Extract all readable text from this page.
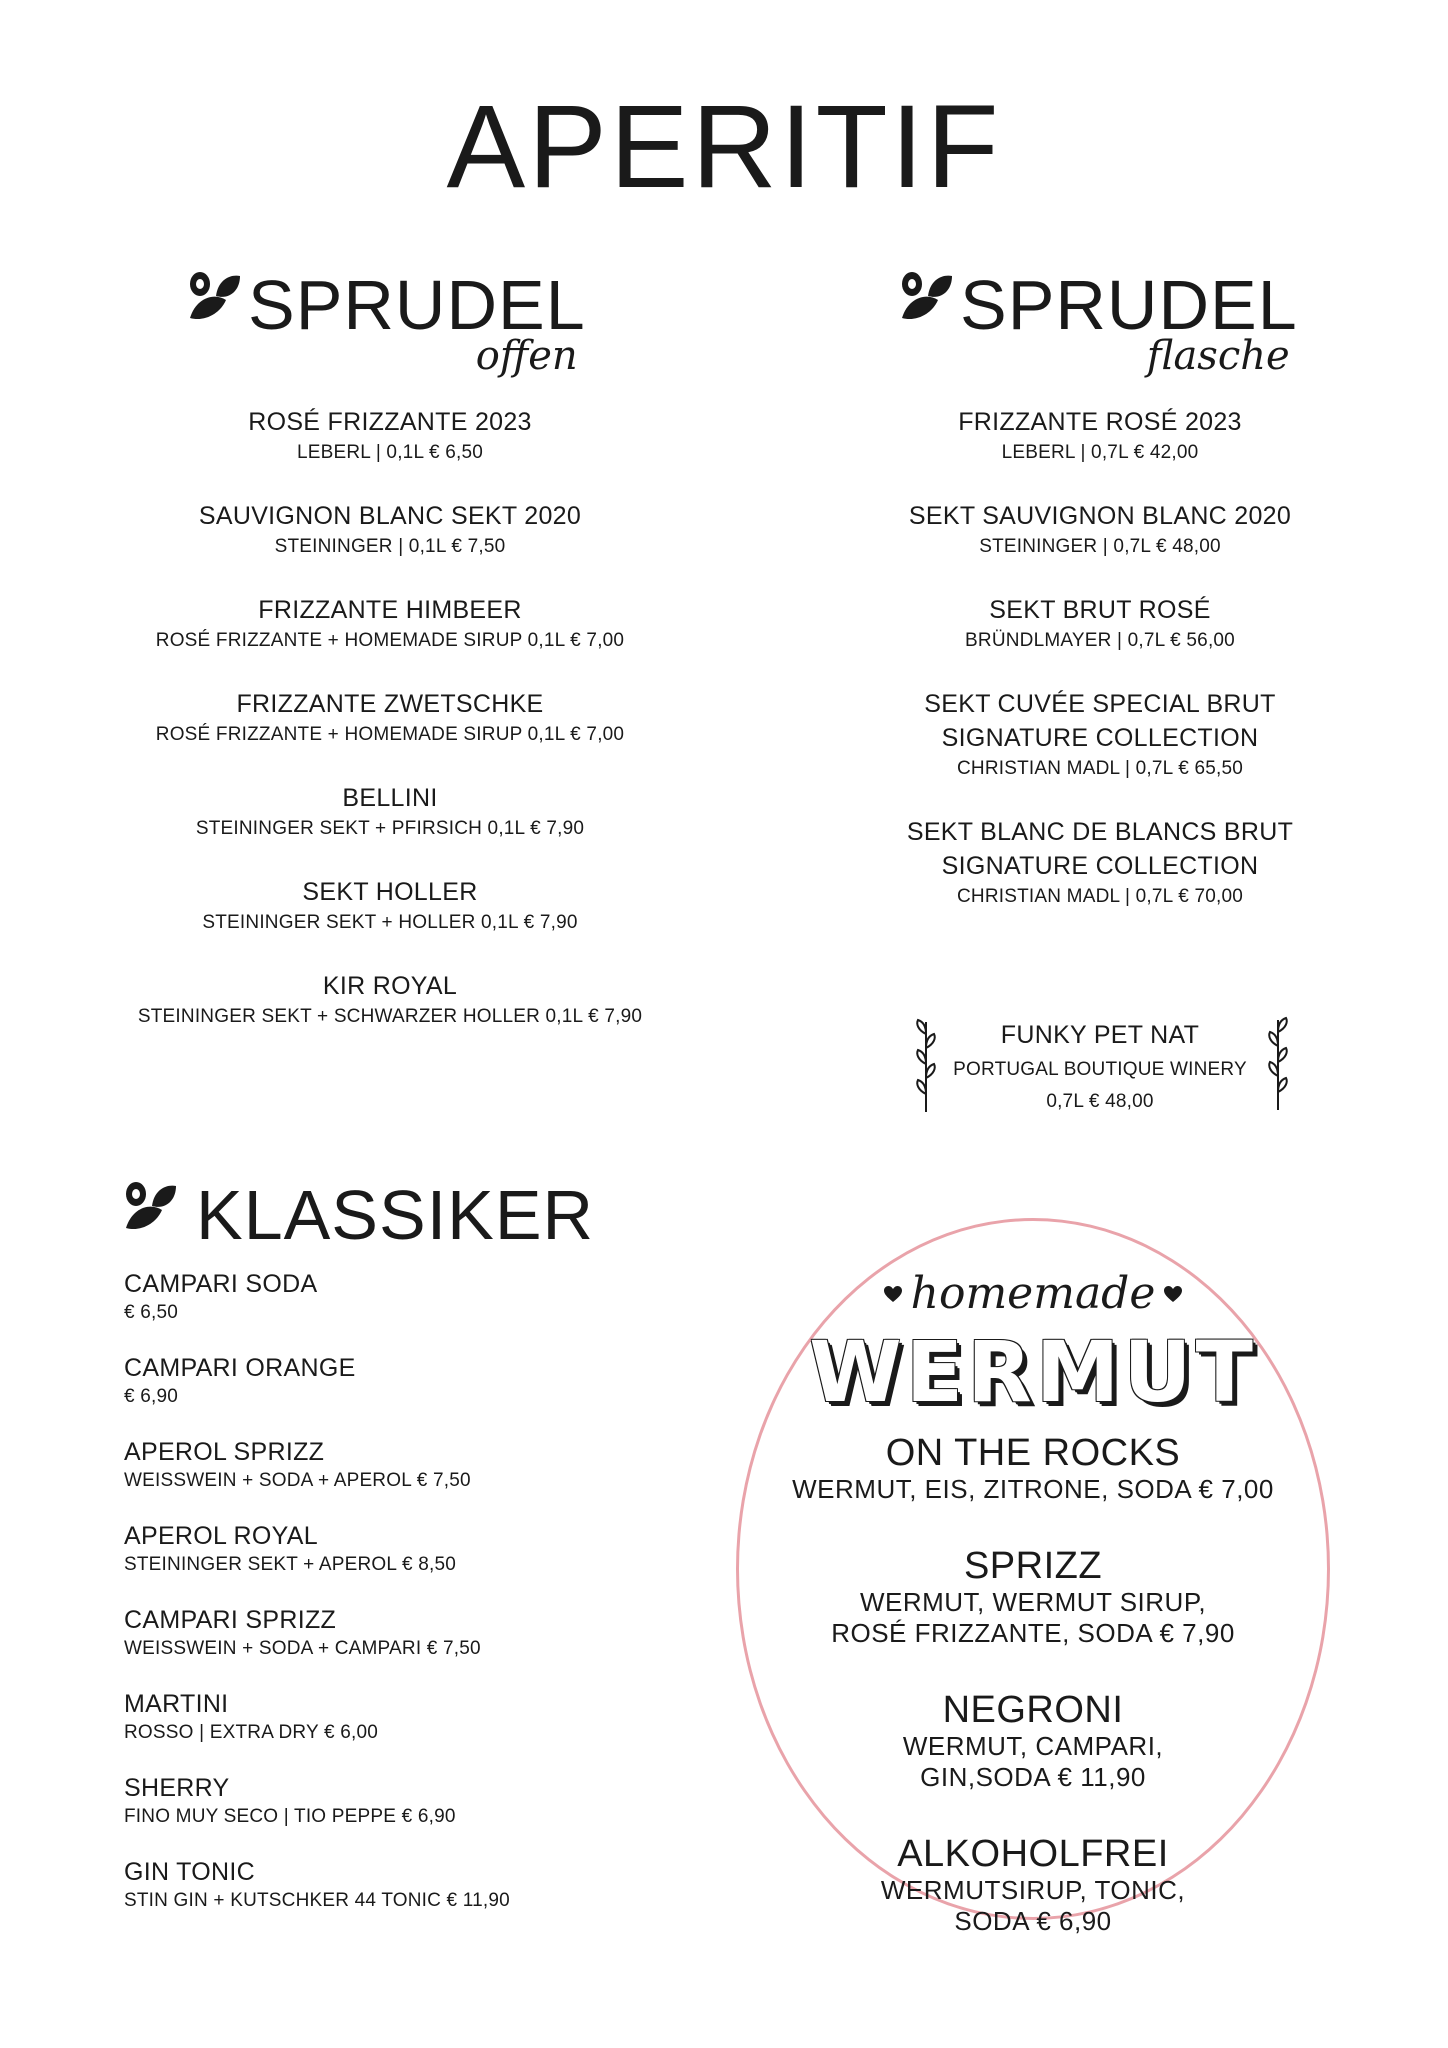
APERITIF
SPRUDEL
offen
SPRUDEL
flasche
ROSÉ FRIZZANTE 2023
LEBERL | 0,1L € 6,50
SAUVIGNON BLANC SEKT 2020
STEININGER | 0,1L € 7,50
FRIZZANTE HIMBEER
ROSÉ FRIZZANTE + HOMEMADE SIRUP 0,1L € 7,00
FRIZZANTE ZWETSCHKE
ROSÉ FRIZZANTE + HOMEMADE SIRUP 0,1L € 7,00
BELLINI
STEININGER SEKT + PFIRSICH 0,1L € 7,90
SEKT HOLLER
STEININGER SEKT + HOLLER 0,1L € 7,90
KIR ROYAL
STEININGER SEKT + SCHWARZER HOLLER 0,1L € 7,90
FRIZZANTE ROSÉ 2023
LEBERL | 0,7L € 42,00
SEKT SAUVIGNON BLANC 2020
STEININGER | 0,7L € 48,00
SEKT BRUT ROSÉ
BRÜNDLMAYER | 0,7L € 56,00
SEKT CUVÉE SPECIAL BRUT
SIGNATURE COLLECTION
CHRISTIAN MADL | 0,7L € 65,50
SEKT BLANC DE BLANCS BRUT
SIGNATURE COLLECTION
CHRISTIAN MADL | 0,7L € 70,00
FUNKY PET NAT
PORTUGAL BOUTIQUE WINERY
0,7L € 48,00
KLASSIKER
CAMPARI SODA
€ 6,50
CAMPARI ORANGE
€ 6,90
APEROL SPRIZZ
WEISSWEIN + SODA + APEROL € 7,50
APEROL ROYAL
STEININGER SEKT + APEROL € 8,50
CAMPARI SPRIZZ
WEISSWEIN + SODA + CAMPARI € 7,50
MARTINI
ROSSO | EXTRA DRY € 6,00
SHERRY
FINO MUY SECO | TIO PEPPE € 6,90
GIN TONIC
STIN GIN + KUTSCHKER 44 TONIC € 11,90
homemade
WERMUT
ON THE ROCKS
WERMUT, EIS, ZITRONE, SODA € 7,00
SPRIZZ
WERMUT, WERMUT SIRUP,
ROSÉ FRIZZANTE, SODA € 7,90
NEGRONI
WERMUT, CAMPARI,
GIN,SODA € 11,90
ALKOHOLFREI
WERMUTSIRUP, TONIC,
SODA € 6,90
